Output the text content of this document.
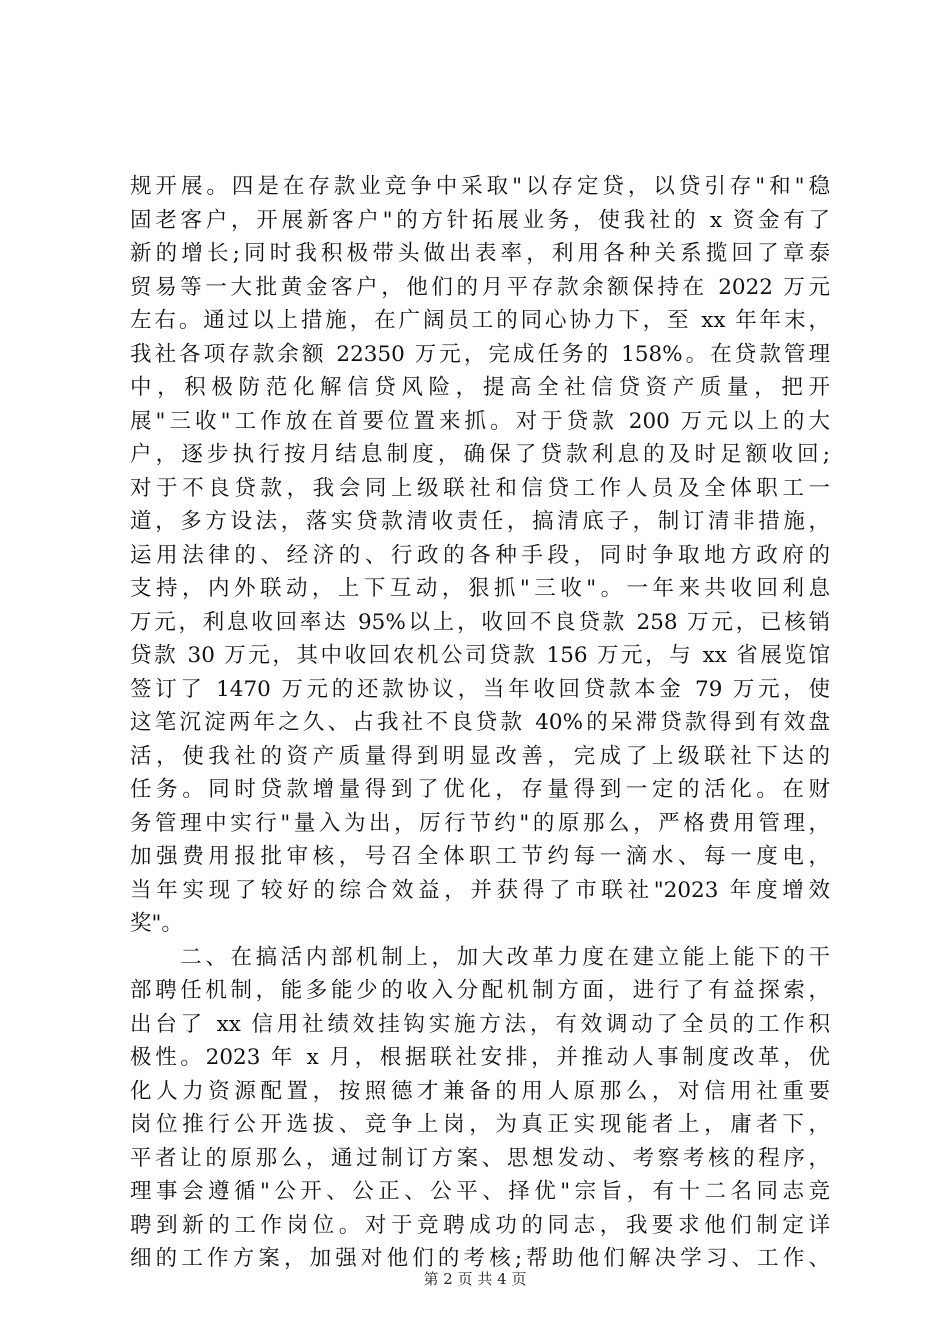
规开展。四是在存款业竞争中采取"以存定贷，以贷引存"和"稳
固老客户，开展新客户"的方针拓展业务，使我社的 x 资金有了
新的增长;同时我积极带头做出表率，利用各种关系揽回了章泰
贸易等一大批黄金客户，他们的月平存款余额保持在 2022 万元
左右。通过以上措施，在广阔员工的同心协力下，至 xx 年年末，
我社各项存款余额 22350 万元，完成任务的 158%。在贷款管理
中，积极防范化解信贷风险，提高全社信贷资产质量，把开
展"三收"工作放在首要位置来抓。对于贷款 200 万元以上的大
户，逐步执行按月结息制度，确保了贷款利息的及时足额收回;
对于不良贷款，我会同上级联社和信贷工作人员及全体职工一
道，多方设法，落实贷款清收责任，搞清底子，制订清非措施，
运用法律的、经济的、行政的各种手段，同时争取地方政府的
支持，内外联动，上下互动，狠抓"三收"。一年来共收回利息
万元，利息收回率达 95%以上，收回不良贷款 258 万元，已核销
贷款 30 万元，其中收回农机公司贷款 156 万元，与 xx 省展览馆
签订了 1470 万元的还款协议，当年收回贷款本金 79 万元，使
这笔沉淀两年之久、占我社不良贷款 40%的呆滞贷款得到有效盘
活，使我社的资产质量得到明显改善，完成了上级联社下达的
任务。同时贷款增量得到了优化，存量得到一定的活化。在财
务管理中实行"量入为出，厉行节约"的原那么，严格费用管理，
加强费用报批审核，号召全体职工节约每一滴水、每一度电，
当年实现了较好的综合效益，并获得了市联社"2023 年度增效
奖"。
　　二、在搞活内部机制上，加大改革力度在建立能上能下的干
部聘任机制，能多能少的收入分配机制方面，进行了有益探索，
出台了 xx 信用社绩效挂钩实施方法，有效调动了全员的工作积
极性。2023 年 x 月，根据联社安排，并推动人事制度改革，优
化人力资源配置，按照德才兼备的用人原那么，对信用社重要
岗位推行公开选拔、竞争上岗，为真正实现能者上，庸者下，
平者让的原那么，通过制订方案、思想发动、考察考核的程序，
理事会遵循"公开、公正、公平、择优"宗旨，有十二名同志竞
聘到新的工作岗位。对于竞聘成功的同志，我要求他们制定详
细的工作方案，加强对他们的考核;帮助他们解决学习、工作、
第 2 页 共 4 页
